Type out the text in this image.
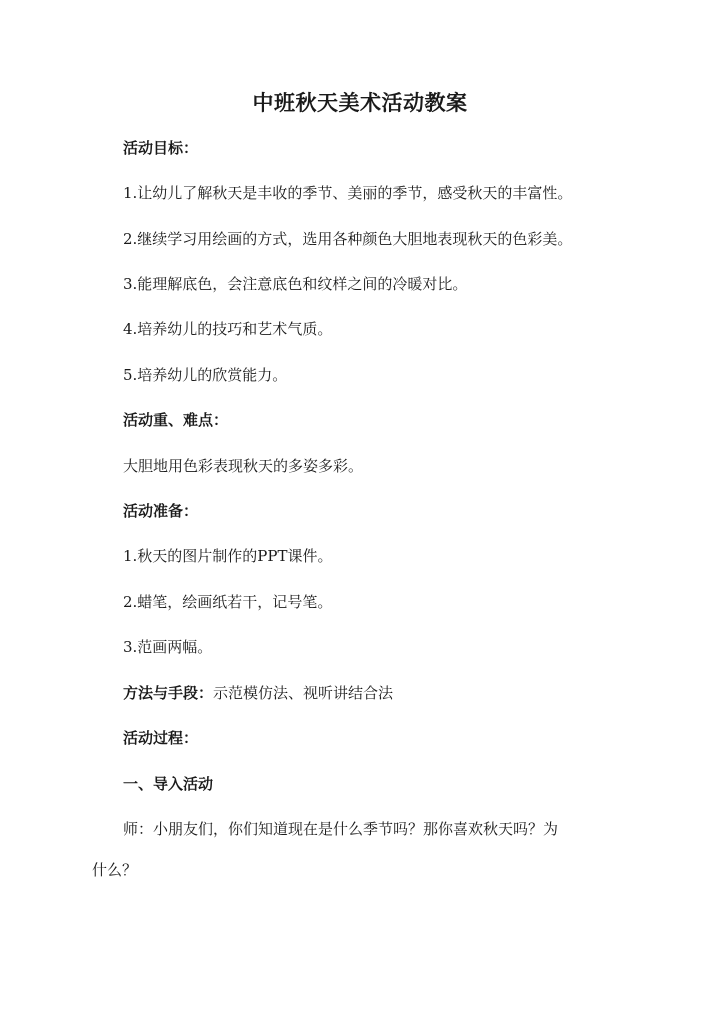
中班秋天美术活动教案
活动目标：
1.让幼儿了解秋天是丰收的季节、美丽的季节，感受秋天的丰富性。
2.继续学习用绘画的方式，选用各种颜色大胆地表现秋天的色彩美。
3.能理解底色，会注意底色和纹样之间的冷暖对比。
4.培养幼儿的技巧和艺术气质。
5.培养幼儿的欣赏能力。
活动重、难点：
大胆地用色彩表现秋天的多姿多彩。
活动准备：
1.秋天的图片制作的PPT课件。
2.蜡笔，绘画纸若干，记号笔。
3.范画两幅。
方法与手段：示范模仿法、视听讲结合法
活动过程：
一、导入活动
师：小朋友们，你们知道现在是什么季节吗？那你喜欢秋天吗？为
什么？
